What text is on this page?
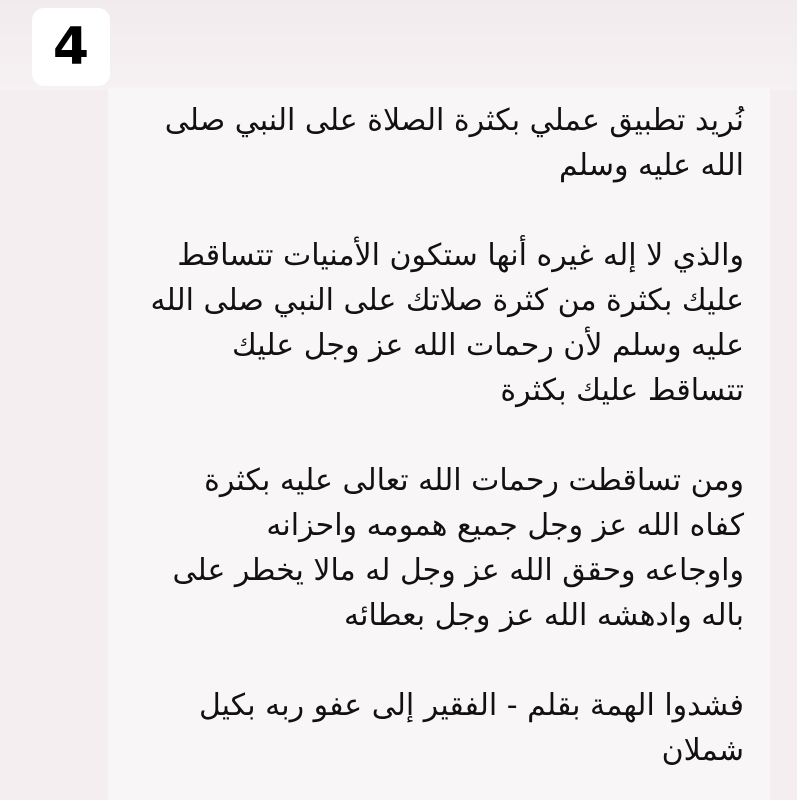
4
نُريد تطبيق عملي بكثرة الصلاة على النبي صلى
الله عليه وسلم
والذي لا إله غيره أنها ستكون الأمنيات تتساقط
عليك بكثرة من كثرة صلاتك على النبي صلى الله
عليه وسلم لأن رحمات الله عز وجل عليك
تتساقط عليك بكثرة
ومن تساقطت رحمات الله تعالى عليه بكثرة
كفاه الله عز وجل جميع همومه واحزانه
واوجاعه وحقق الله عز وجل له مالا يخطر على
باله وادهشه الله عز وجل بعطائه
فشدوا الهمة بقلم - الفقير إلى عفو ربه بكيل
شملان
